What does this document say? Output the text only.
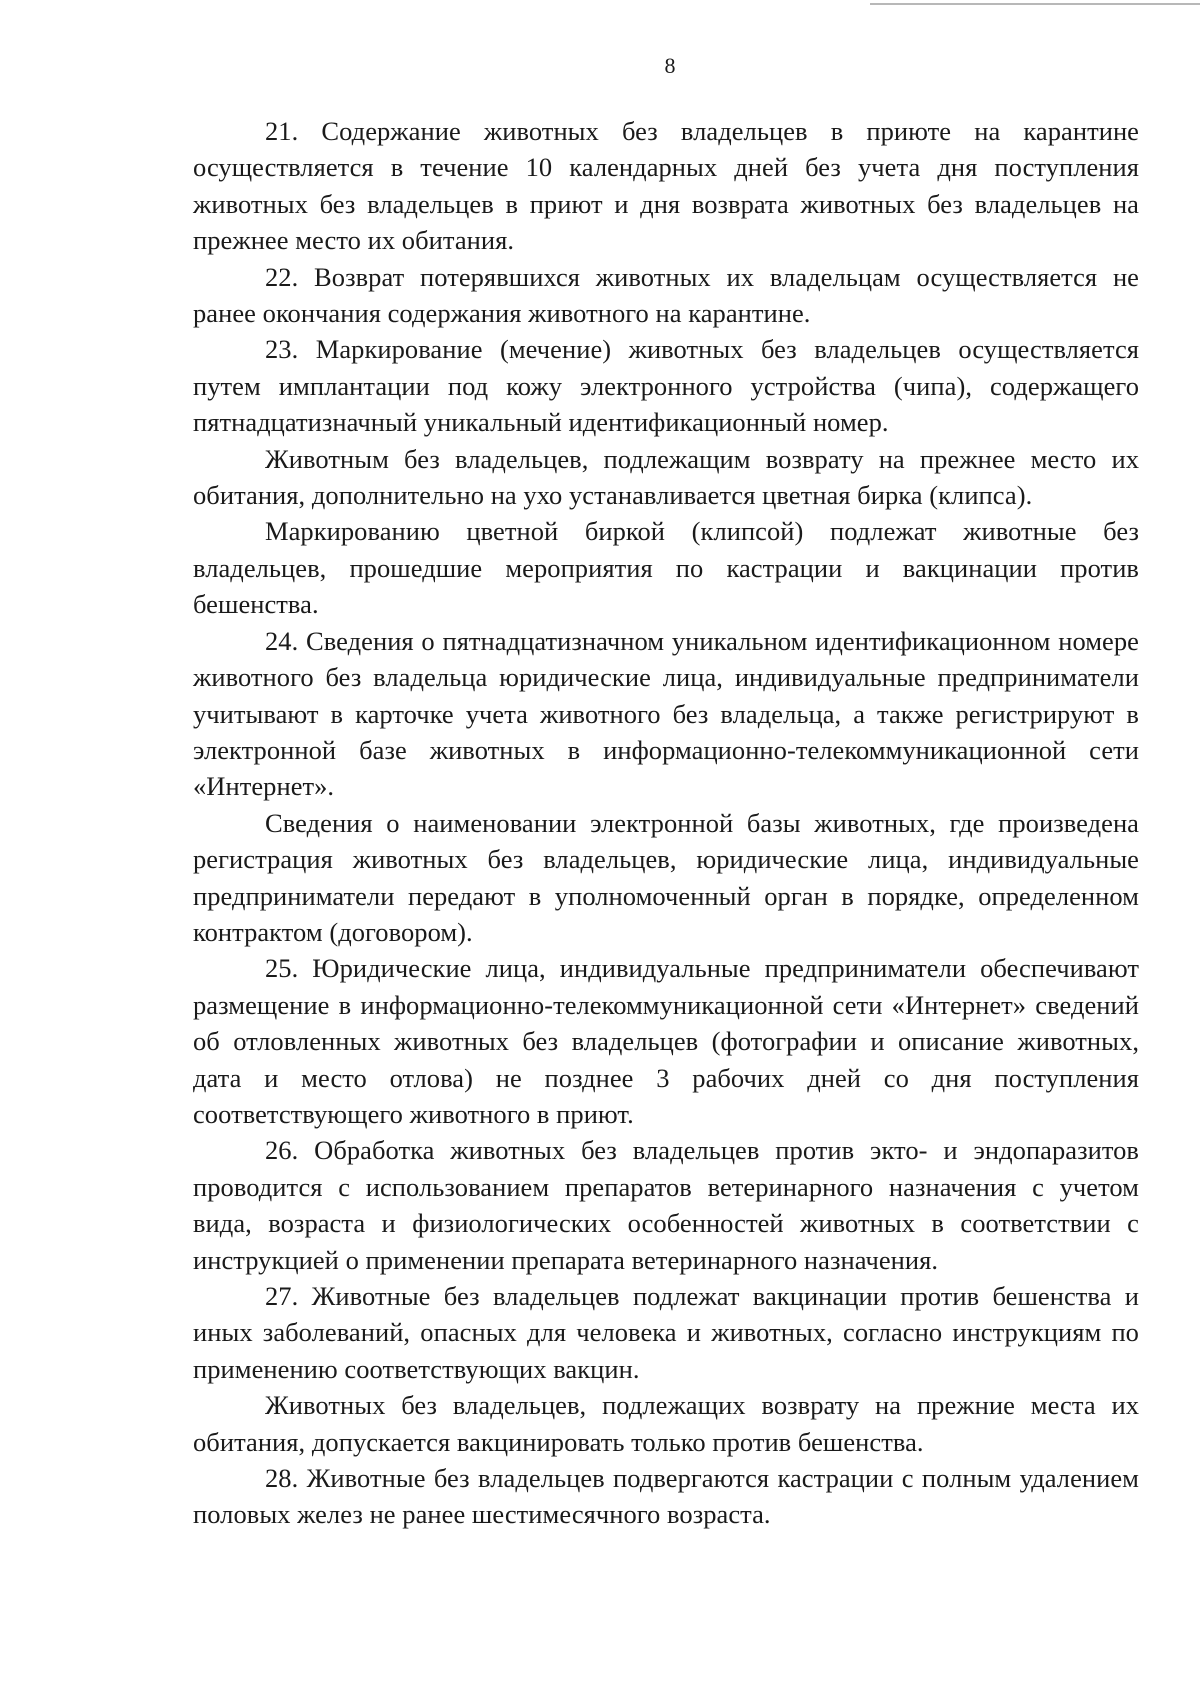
8

21. Содержание животных без владельцев в приюте на карантине осуществляется в течение 10 календарных дней без учета дня поступления животных без владельцев в приют и дня возврата животных без владельцев на прежнее место их обитания.

22. Возврат потерявшихся животных их владельцам осуществляется не ранее окончания содержания животного на карантине.

23. Маркирование (мечение) животных без владельцев осуществляется путем имплантации под кожу электронного устройства (чипа), содержащего пятнадцатизначный уникальный идентификационный номер.

Животным без владельцев, подлежащим возврату на прежнее место их обитания, дополнительно на ухо устанавливается цветная бирка (клипса).

Маркированию цветной биркой (клипсой) подлежат животные без владельцев, прошедшие мероприятия по кастрации и вакцинации против бешенства.

24. Сведения о пятнадцатизначном уникальном идентификационном номере животного без владельца юридические лица, индивидуальные предприниматели учитывают в карточке учета животного без владельца, а также регистрируют в электронной базе животных в информационно-телекоммуникационной сети «Интернет».

Сведения о наименовании электронной базы животных, где произведена регистрация животных без владельцев, юридические лица, индивидуальные предприниматели передают в уполномоченный орган в порядке, определенном контрактом (договором).

25. Юридические лица, индивидуальные предприниматели обеспечивают размещение в информационно-телекоммуникационной сети «Интернет» сведений об отловленных животных без владельцев (фотографии и описание животных, дата и место отлова) не позднее 3 рабочих дней со дня поступления соответствующего животного в приют.

26. Обработка животных без владельцев против экто- и эндопаразитов проводится с использованием препаратов ветеринарного назначения с учетом вида, возраста и физиологических особенностей животных в соответствии с инструкцией о применении препарата ветеринарного назначения.

27. Животные без владельцев подлежат вакцинации против бешенства и иных заболеваний, опасных для человека и животных, согласно инструкциям по применению соответствующих вакцин.

Животных без владельцев, подлежащих возврату на прежние места их обитания, допускается вакцинировать только против бешенства.

28. Животные без владельцев подвергаются кастрации с полным удалением половых желез не ранее шестимесячного возраста.
